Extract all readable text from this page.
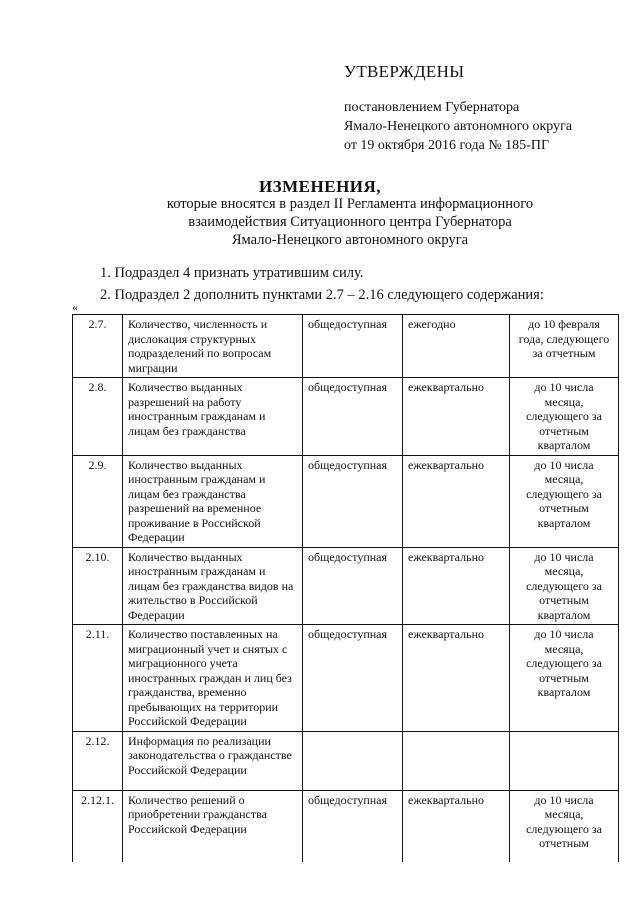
УТВЕРЖДЕНЫ
постановлением Губернатора
Ямало-Ненецкого автономного округа
от 19 октября 2016 года № 185-ПГ
ИЗМЕНЕНИЯ,
которые вносятся в раздел II Регламента информационного
взаимодействия Ситуационного центра Губернатора
Ямало-Ненецкого автономного округа
1. Подраздел 4 признать утратившим силу.
2. Подраздел 2 дополнить пунктами 2.7 – 2.16 следующего содержания:
«
2.7.	Количество, численность и дислокация структурных подразделений по вопросам миграции	общедоступная	ежегодно	до 10 февраля года, следующего за отчетным
2.8.	Количество выданных разрешений на работу иностранным гражданам и лицам без гражданства	общедоступная	ежеквартально	до 10 числа месяца, следующего за отчетным кварталом
2.9.	Количество выданных иностранным гражданам и лицам без гражданства разрешений на временное проживание в Российской Федерации	общедоступная	ежеквартально	до 10 числа месяца, следующего за отчетным кварталом
2.10.	Количество выданных иностранным гражданам и лицам без гражданства видов на жительство в Российской Федерации	общедоступная	ежеквартально	до 10 числа месяца, следующего за отчетным кварталом
2.11.	Количество поставленных на миграционный учет и снятых с миграционного учета иностранных граждан и лиц без гражданства, временно пребывающих на территории Российской Федерации	общедоступная	ежеквартально	до 10 числа месяца, следующего за отчетным кварталом
2.12.	Информация по реализации законодательства о гражданстве Российской Федерации			
2.12.1.	Количество решений о приобретении гражданства Российской Федерации	общедоступная	ежеквартально	до 10 числа месяца, следующего за отчетным
